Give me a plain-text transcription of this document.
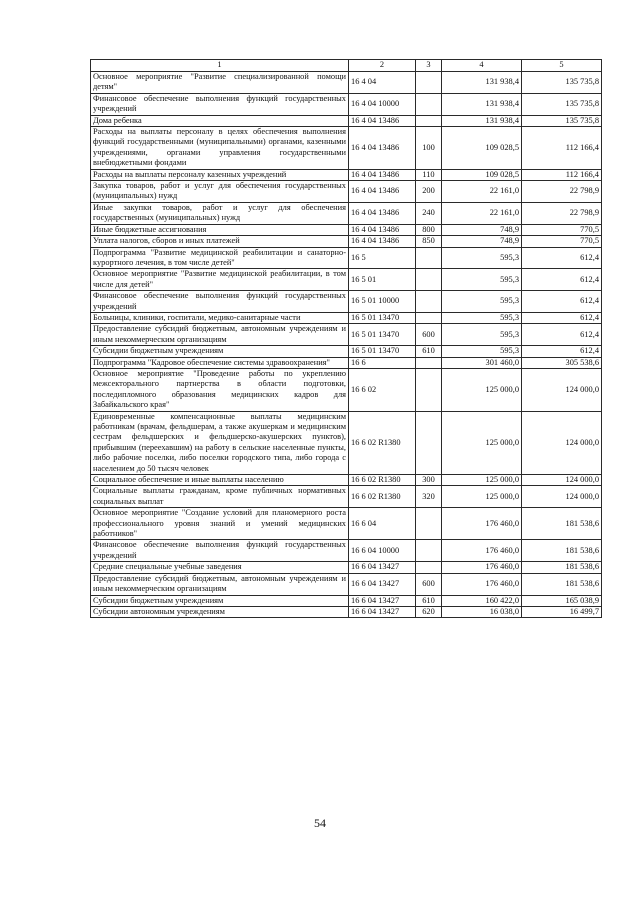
1	2	3	4	5
Основное мероприятие "Развитие специализированной помощи детям"	16 4 04		131 938,4	135 735,8
Финансовое обеспечение выполнения функций государственных учреждений	16 4 04 10000		131 938,4	135 735,8
Дома ребенка	16 4 04 13486		131 938,4	135 735,8
Расходы на выплаты персоналу в целях обеспечения выполнения функций государственными (муниципальными) органами, казенными учреждениями, органами управления государственными внебюджетными фондами	16 4 04 13486	100	109 028,5	112 166,4
Расходы на выплаты персоналу казенных учреждений	16 4 04 13486	110	109 028,5	112 166,4
Закупка товаров, работ и услуг для обеспечения государственных (муниципальных) нужд	16 4 04 13486	200	22 161,0	22 798,9
Иные закупки товаров, работ и услуг для обеспечения государственных (муниципальных) нужд	16 4 04 13486	240	22 161,0	22 798,9
Иные бюджетные ассигнования	16 4 04 13486	800	748,9	770,5
Уплата налогов, сборов и иных платежей	16 4 04 13486	850	748,9	770,5
Подпрограмма "Развитие медицинской реабилитации и санаторно-курортного лечения, в том числе детей"	16 5		595,3	612,4
Основное мероприятие "Развитие медицинской реабилитации, в том числе для детей"	16 5 01		595,3	612,4
Финансовое обеспечение выполнения функций государственных учреждений	16 5 01 10000		595,3	612,4
Больницы, клиники, госпитали, медико-санитарные части	16 5 01 13470		595,3	612,4
Предоставление субсидий бюджетным, автономным учреждениям и иным некоммерческим организациям	16 5 01 13470	600	595,3	612,4
Субсидии бюджетным учреждениям	16 5 01 13470	610	595,3	612,4
Подпрограмма "Кадровое обеспечение системы здравоохранения"	16 6		301 460,0	305 538,6
Основное мероприятие "Проведение работы по укреплению межсекторального партнерства в области подготовки, последипломного образования медицинских кадров для Забайкальского края"	16 6 02		125 000,0	124 000,0
Единовременные компенсационные выплаты медицинским работникам (врачам, фельдшерам, а также акушеркам и медицинским сестрам фельдшерских и фельдшерско-акушерских пунктов), прибывшим (переехавшим) на работу в сельские населенные пункты, либо рабочие поселки, либо поселки городского типа, либо города с населением до 50 тысяч человек	16 6 02 R1380		125 000,0	124 000,0
Социальное обеспечение и иные выплаты населению	16 6 02 R1380	300	125 000,0	124 000,0
Социальные выплаты гражданам, кроме публичных нормативных социальных выплат	16 6 02 R1380	320	125 000,0	124 000,0
Основное мероприятие "Создание условий для планомерного роста профессионального уровня знаний и умений медицинских работников"	16 6 04		176 460,0	181 538,6
Финансовое обеспечение выполнения функций государственных учреждений	16 6 04 10000		176 460,0	181 538,6
Средние специальные учебные заведения	16 6 04 13427		176 460,0	181 538,6
Предоставление субсидий бюджетным, автономным учреждениям и иным некоммерческим организациям	16 6 04 13427	600	176 460,0	181 538,6
Субсидии бюджетным учреждениям	16 6 04 13427	610	160 422,0	165 038,9
Субсидии автономным учреждениям	16 6 04 13427	620	16 038,0	16 499,7
54
